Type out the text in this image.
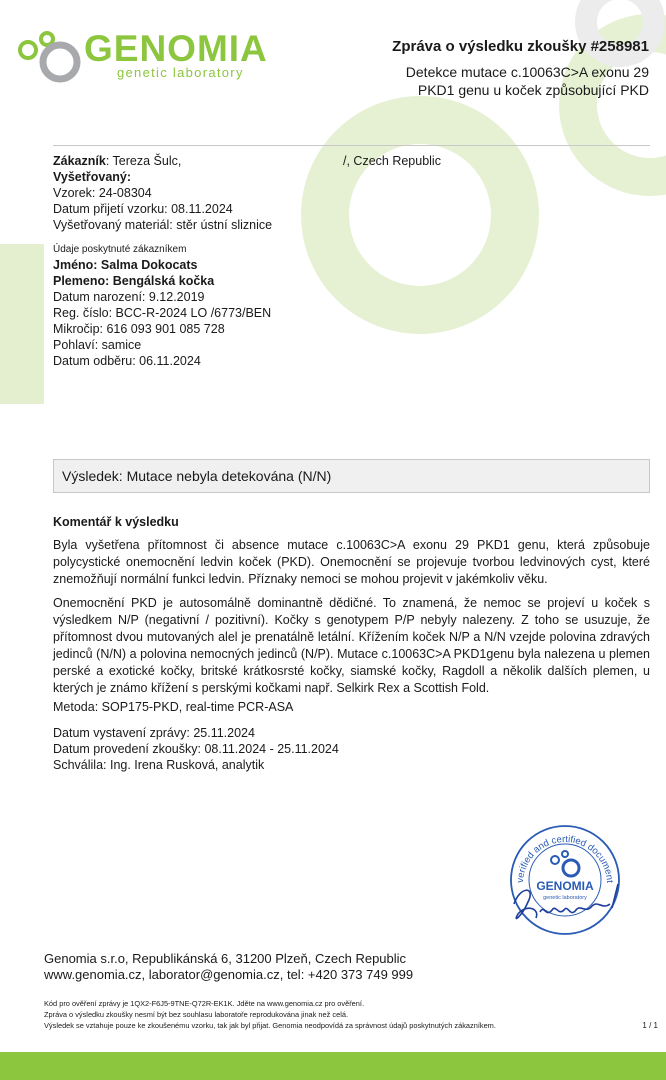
GENOMIA
genetic laboratory
Zpráva o výsledku zkoušky #258981
Detekce mutace c.10063C>A exonu 29
PKD1 genu u koček způsobující PKD
Zákazník: Tereza Šulc,	/, Czech Republic
Vyšetřovaný:
Vzorek: 24-08304
Datum přijetí vzorku: 08.11.2024
Vyšetřovaný materiál: stěr ústní sliznice
Údaje poskytnuté zákazníkem
Jméno: Salma Dokocats
Plemeno: Bengálská kočka
Datum narození: 9.12.2019
Reg. číslo: BCC-R-2024 LO /6773/BEN
Mikročip: 616 093 901 085 728
Pohlaví: samice
Datum odběru: 06.11.2024
Výsledek: Mutace nebyla detekována (N/N)
Komentář k výsledku
Byla vyšetřena přítomnost či absence mutace c.10063C>A exonu 29 PKD1 genu, která způsobuje polycystické onemocnění ledvin koček (PKD). Onemocnění se projevuje tvorbou ledvinových cyst, které znemožňují normální funkci ledvin. Příznaky nemoci se mohou projevit v jakémkoliv věku.
Onemocnění PKD je autosomálně dominantně dědičné. To znamená, že nemoc se projeví u koček s výsledkem N/P (negativní / pozitivní). Kočky s genotypem P/P nebyly nalezeny. Z toho se usuzuje, že přítomnost dvou mutovaných alel je prenatálně letální. Křížením koček N/P a N/N vzejde polovina zdravých jedinců (N/N) a polovina nemocných jedinců (N/P). Mutace c.10063C>A PKD1genu byla nalezena u plemen perské a exotické kočky, britské krátkosrsté kočky, siamské kočky, Ragdoll a několik dalších plemen, u kterých je známo křížení s perskými kočkami např. Selkirk Rex a Scottish Fold.
Metoda: SOP175-PKD, real-time PCR-ASA
Datum vystavení zprávy: 25.11.2024
Datum provedení zkoušky: 08.11.2024 - 25.11.2024
Schválila: Ing. Irena Rusková, analytik
verified and certified document
GENOMIA
genetic laboratory
Genomia s.r.o, Republikánská 6, 31200 Plzeň, Czech Republic
www.genomia.cz, laborator@genomia.cz, tel: +420 373 749 999
Kód pro ověření zprávy je 1QX2-F6J5-9TNE-Q72R-EK1K. Jděte na www.genomia.cz pro ověření.
Zpráva o výsledku zkoušky nesmí být bez souhlasu laboratoře reprodukována jinak než celá.
Výsledek se vztahuje pouze ke zkoušenému vzorku, tak jak byl přijat. Genomia neodpovídá za správnost údajů poskytnutých zákazníkem.	1 / 1
